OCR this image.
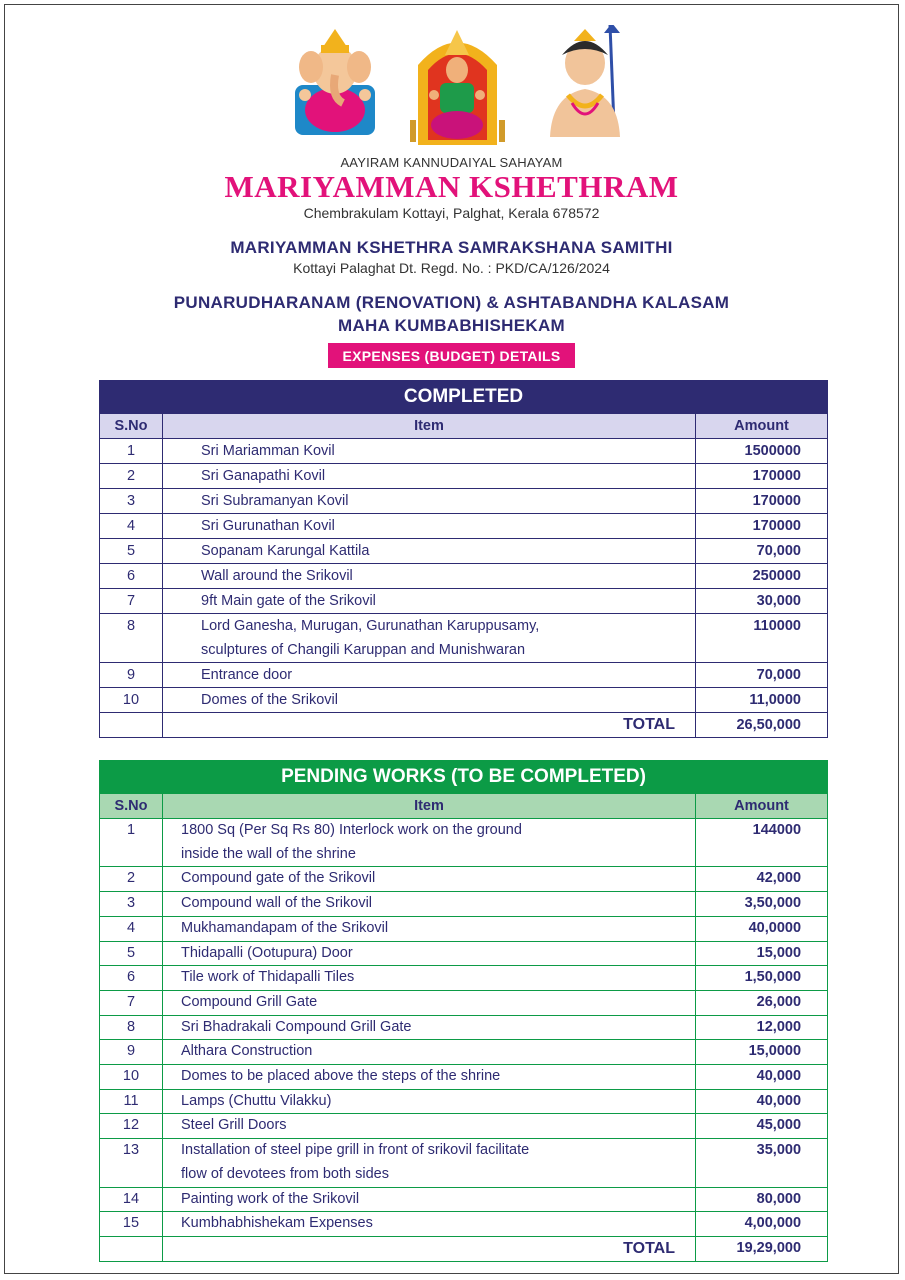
AAYIRAM KANNUDAIYAL SAHAYAM
MARIYAMMAN KSHETHRAM
Chembrakulam Kottayi, Palghat, Kerala 678572
MARIYAMMAN KSHETHRA SAMRAKSHANA SAMITHI
Kottayi Palaghat Dt. Regd. No. : PKD/CA/126/2024
PUNARUDHARANAM (RENOVATION) & ASHTABANDHA KALASAM
MAHA KUMBABHISHEKAM
EXPENSES (BUDGET) DETAILS
COMPLETED		
S.No	Item	Amount
1	Sri Mariamman Kovil	1500000
2	Sri Ganapathi Kovil	170000
3	Sri Subramanyan Kovil	170000
4	Sri Gurunathan Kovil	170000
5	Sopanam Karungal Kattila	70,000
6	Wall around the Srikovil	250000
7	9ft Main gate of the Srikovil	30,000
8	Lord Ganesha, Murugan, Gurunathan Karuppusamy,	110000
	sculptures of Changili Karuppan and Munishwaran	
9	Entrance door	70,000
10	Domes of the Srikovil	11,0000
	TOTAL	26,50,000
PENDING WORKS (TO BE COMPLETED)		
S.No	Item	Amount
1	1800 Sq (Per Sq Rs 80) Interlock work on the ground	144000
	inside the wall of the shrine	
2	Compound gate of the Srikovil	42,000
3	Compound wall of the Srikovil	3,50,000
4	Mukhamandapam of the Srikovil	40,0000
5	Thidapalli (Ootupura) Door	15,000
6	Tile work of Thidapalli Tiles	1,50,000
7	Compound Grill Gate	26,000
8	Sri Bhadrakali Compound Grill Gate	12,000
9	Althara Construction	15,0000
10	Domes to be placed above the steps of the shrine	40,000
11	Lamps (Chuttu Vilakku)	40,000
12	Steel Grill Doors	45,000
13	Installation of steel pipe grill in front of srikovil facilitate	35,000
	flow of devotees from both sides	
14	Painting work of the Srikovil	80,000
15	Kumbhabhishekam Expenses	4,00,000
	TOTAL	19,29,000
